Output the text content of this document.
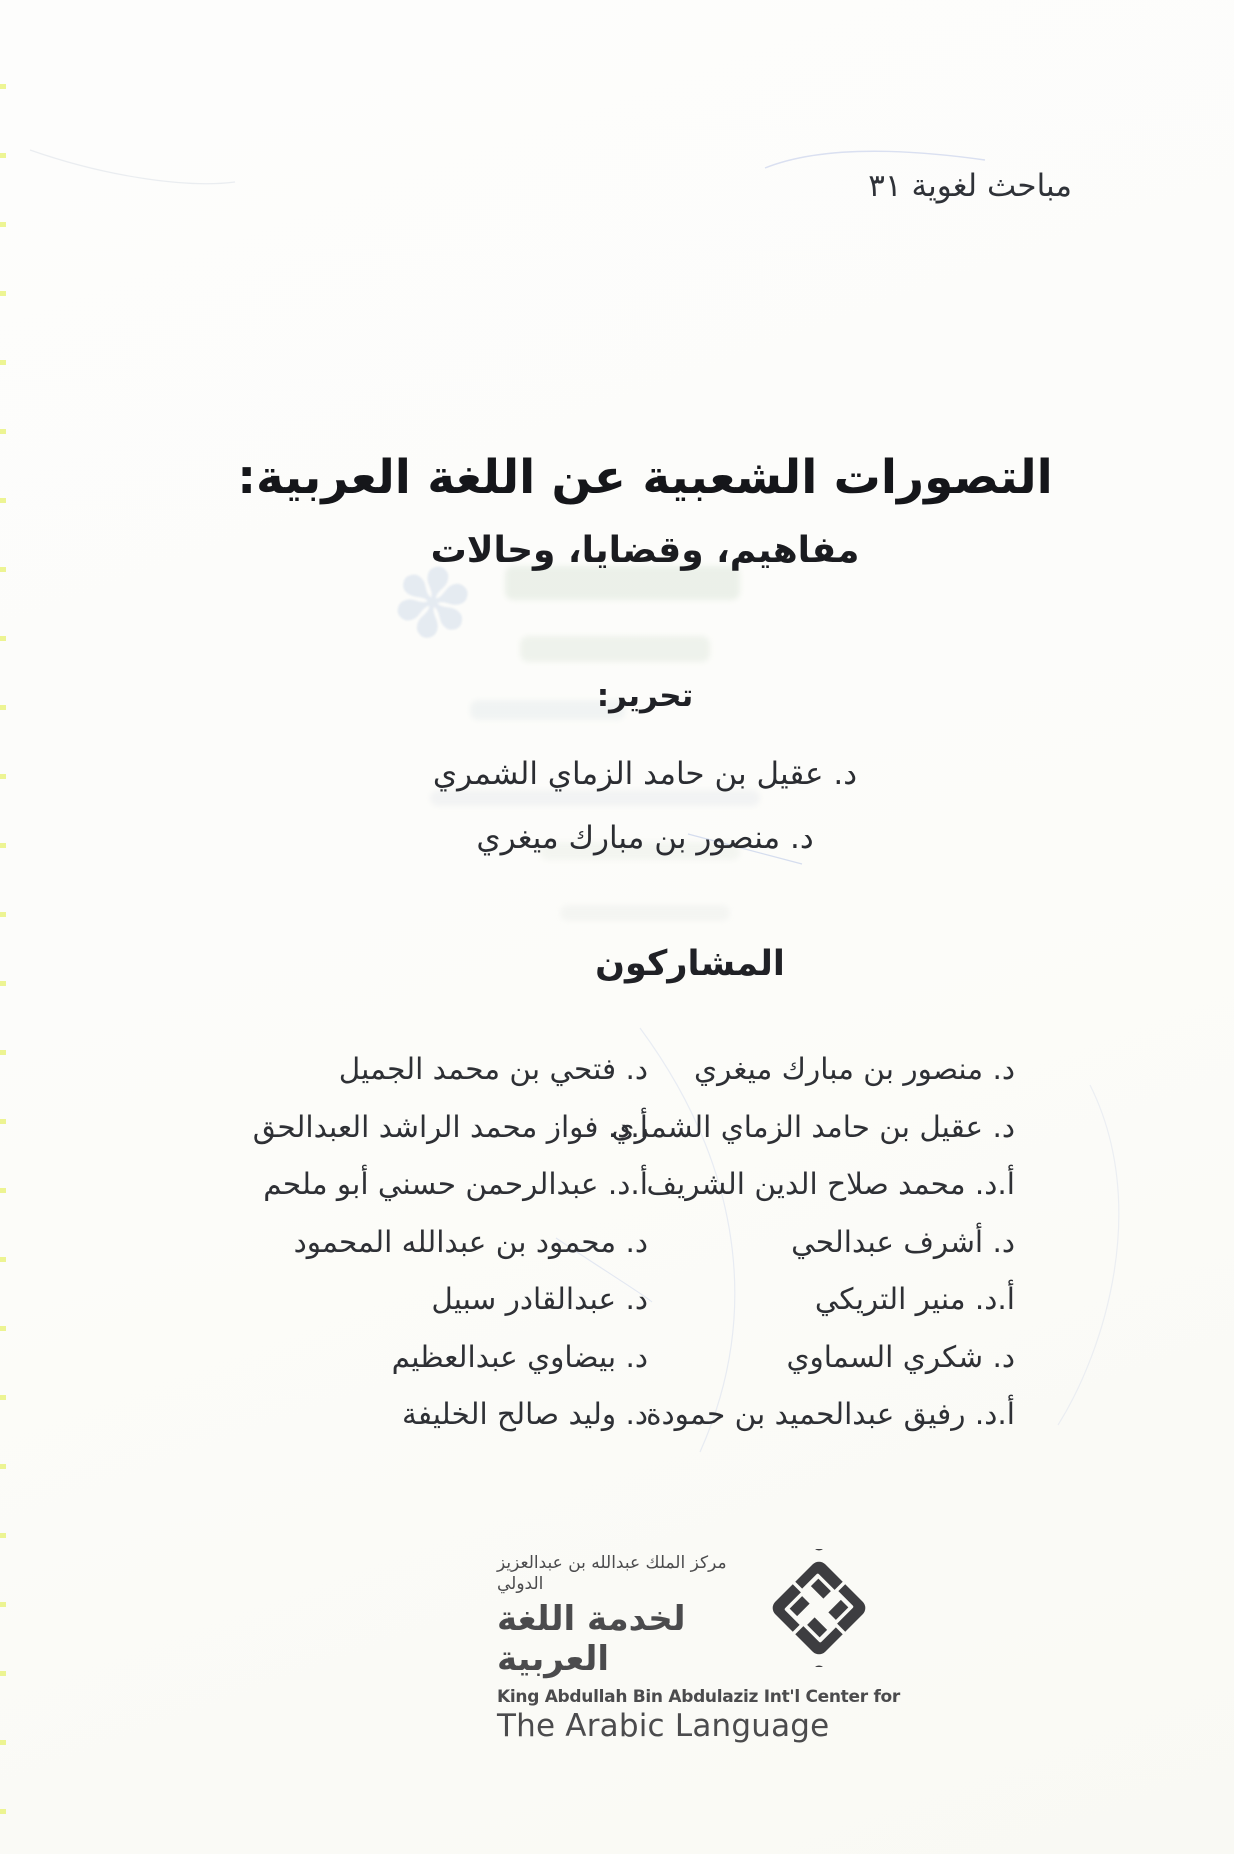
✽
مباحث لغوية ٣١
التصورات الشعبية عن اللغة العربية:
مفاهيم، وقضايا، وحالات
تحرير:
د. عقيل بن حامد الزماي الشمري
د. منصور بن مبارك ميغري
المشاركون
د. منصور بن مبارك ميغري
د. عقيل بن حامد الزماي الشمري
أ.د. محمد صلاح الدين الشريف
د. أشرف عبدالحي
أ.د. منير التريكي
د. شكري السماوي
أ.د. رفيق عبدالحميد بن حمودة
د. فتحي بن محمد الجميل
أ.د. فواز محمد الراشد العبدالحق
أ.د. عبدالرحمن حسني أبو ملحم
د. محمود بن عبدالله المحمود
د. عبدالقادر سبيل
د. بيضاوي عبدالعظيم
د. وليد صالح الخليفة
مركز الملك عبدالله بن عبدالعزيز الدولي
لخدمة اللغة العربية
King Abdullah Bin Abdulaziz Int'l Center for
The Arabic Language
